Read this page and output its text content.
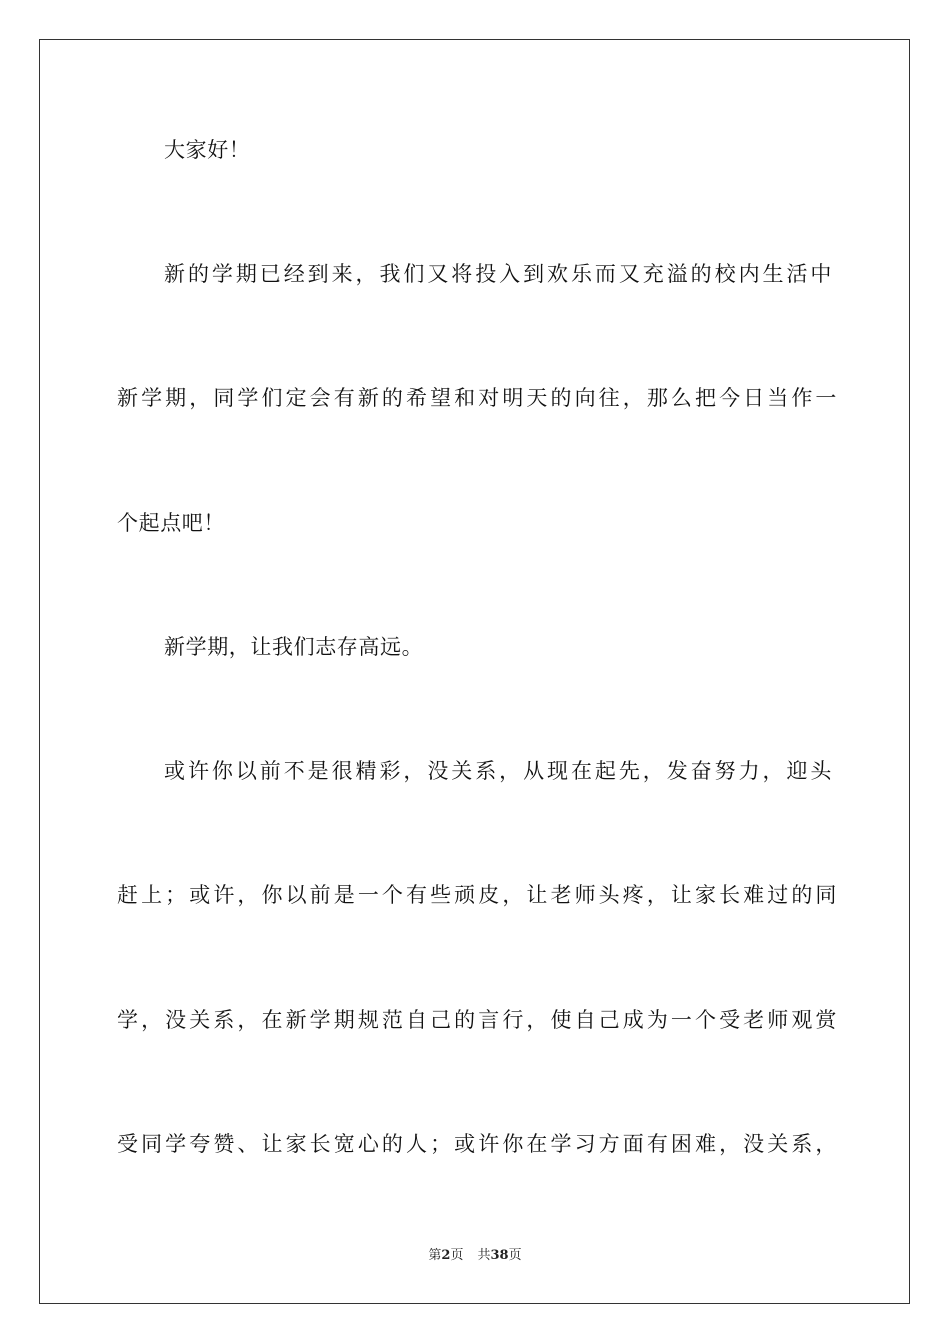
大家好！
新的学期已经到来，我们又将投入到欢乐而又充溢的校内生活中
新学期，同学们定会有新的希望和对明天的向往，那么把今日当作一
个起点吧！
新学期，让我们志存高远。
或许你以前不是很精彩，没关系，从现在起先，发奋努力，迎头
赶上；或许，你以前是一个有些顽皮，让老师头疼，让家长难过的同
学，没关系，在新学期规范自己的言行，使自己成为一个受老师观赏
受同学夸赞、让家长宽心的人；或许你在学习方面有困难，没关系，
第2页 共38页
